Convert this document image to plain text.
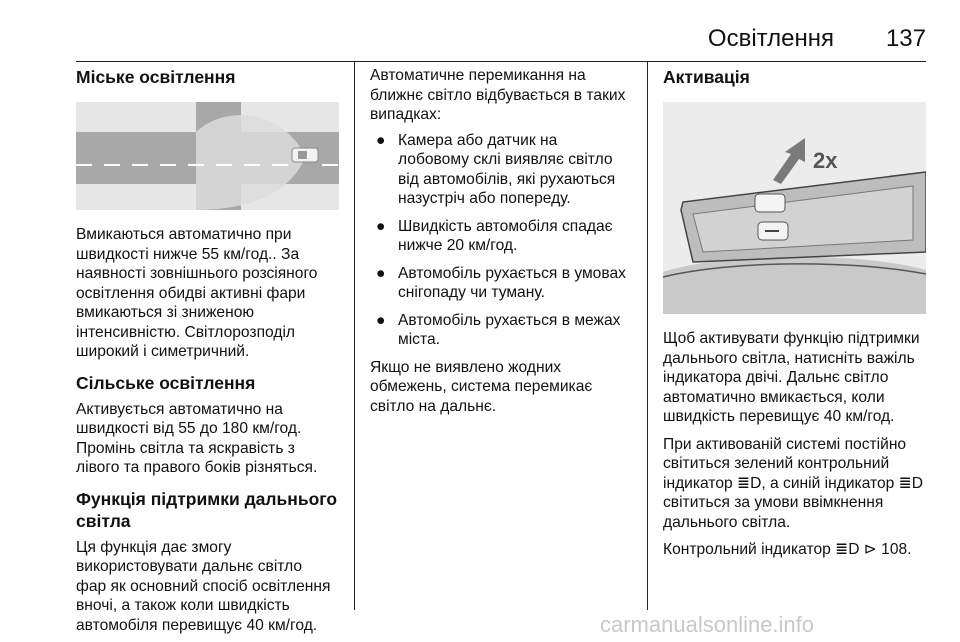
Освітлення 137
Міське освітлення

Вмикаються автоматично при
швидкості нижче 55 км/год.. За
наявності зовнішнього розсіяного
освітлення обидві активні фари
вмикаються зі зниженою
інтенсивністю. Світлорозподіл
широкий і симетричний.

Сільське освітлення

Активується автоматично на
швидкості від 55 до 180 км/год.
Промінь світла та яскравість з
лівого та правого боків різняться.

Функція підтримки дальнього
світла

Ця функція дає змогу
використовувати дальнє світло
фар як основний спосіб освітлення
вночі, а також коли швидкість
автомобіля перевищує 40 км/год.

Автоматичне перемикання на
ближнє світло відбувається в таких
випадках:

● Камера або датчик на
лобовому склі виявляє світло
від автомобілів, які рухаються
назустріч або попереду.
● Швидкість автомобіля спадає
нижче 20 км/год.
● Автомобіль рухається в умовах
снігопаду чи туману.
● Автомобіль рухається в межах
міста.

Якщо не виявлено жодних
обмежень, система перемикає
світло на дальнє.

Активація
2x

Щоб активувати функцію підтримки
дальнього світла, натисніть важіль
індикатора двічі. Дальнє світло
автоматично вмикається, коли
швидкість перевищує 40 км/год.

При активованій системі постійно
світиться зелений контрольний
індикатор ≣D, а синій індикатор ≣D
світиться за умови ввімкнення
дальнього світла.

Контрольний індикатор ≣D ⊳ 108.

carmanualsonline.info
